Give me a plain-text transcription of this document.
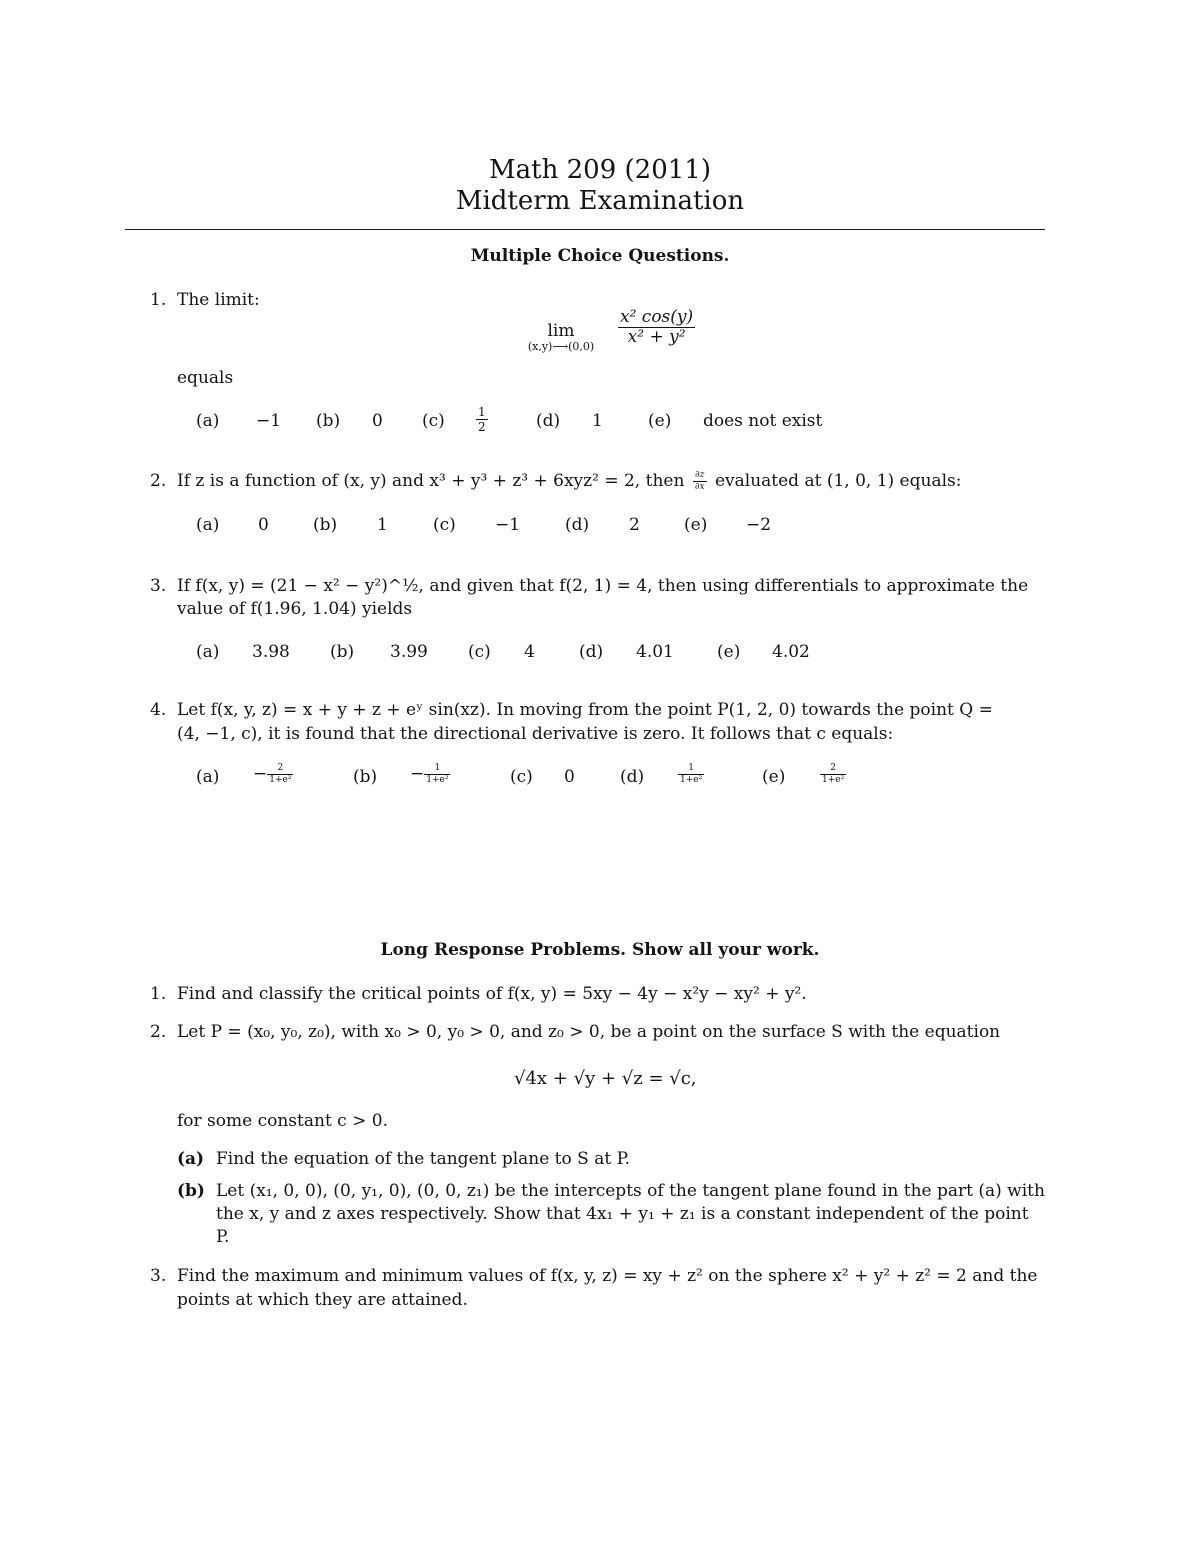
Math 209 (2011)
Midterm Examination
Multiple Choice Questions.
1. The limit:
lim
(x,y)⟶(0,0)
$\frac{\text{x² cos(y)}}{\text{x² + y²}}$
equals
(a) −1 (b) 0 (c)	$\frac{1}{2}$	(d) 1	(e) does not exist
2. If z is a function of (x, y) and x³ + y³ + z³ + 6xyz² = 2, then $\frac{\partial z}{\partial x}$ evaluated at (1, 0, 1) equals:
(a) 0	(b) 1	(c) −1	(d) 2	(e) −2
3. If f(x, y) = (21 − x² − y²)^½, and given that f(2, 1) = 4, then using differentials to approximate the
value of f(1.96, 1.04) yields
(a) 3.98 (b) 3.99 (c) 4	(d) 4.01	(e) 4.02
4. Let f(x, y, z) = x + y + z + eʸ sin(xz). In moving from the point P(1, 2, 0) towards the point Q =
(4, −1, c), it is found that the directional derivative is zero. It follows that c equals:
$(a) - \frac{2}{\text{1+e²}}$	$(b) - \frac{1}{\text{1+e²}}$	(c) 0	(d)	$\frac{1}{\text{1+e²}}$	(e)	$\frac{2}{\text{1+e²}}$
Long Response Problems. Show all your work.
1. Find and classify the critical points of f(x, y) = 5xy − 4y − x²y − xy² + y².
2. Let P = (x₀, y₀, z₀), with x₀ > 0, y₀ > 0, and z₀ > 0, be a point on the surface S with the equation
√4x + √y + √z = √c,
for some constant c > 0.
(a) Find the equation of the tangent plane to S at P.
(b) Let (x₁, 0, 0), (0, y₁, 0), (0, 0, z₁) be the intercepts of the tangent plane found in the part (a) with
the x, y and z axes respectively. Show that 4x₁ + y₁ + z₁ is a constant independent of the point
P.
3. Find the maximum and minimum values of f(x, y, z) = xy + z² on the sphere x² + y² + z² = 2 and the
points at which they are attained.
